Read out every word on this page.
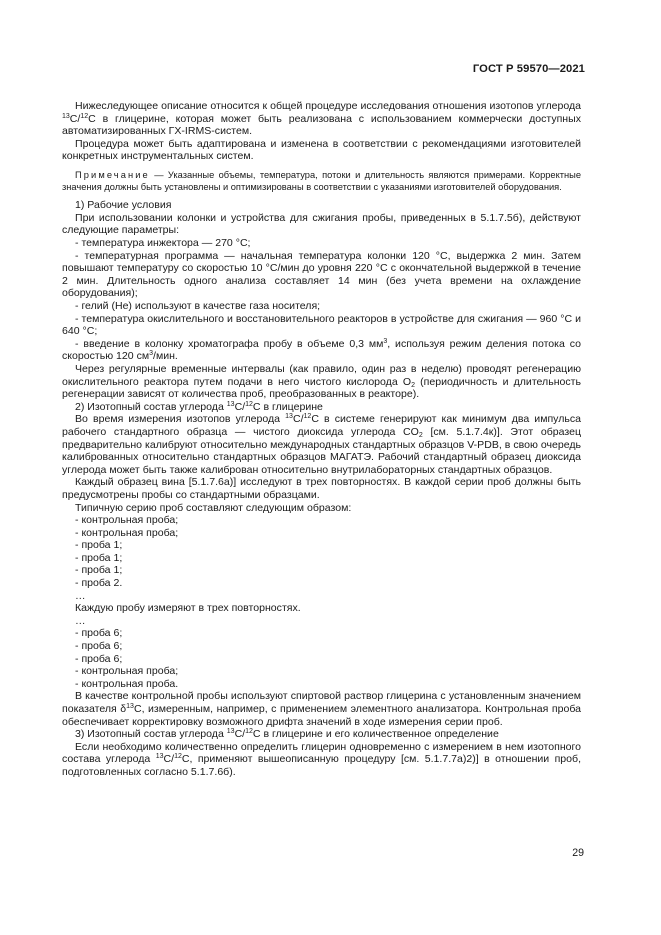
ГОСТ Р 59570—2021

Нижеследующее описание относится к общей процедуре исследования отношения изотопов углерода $^{13}$C/$^{12}$C в глицерине, которая может быть реализована с использованием коммерчески доступных автоматизированных ГХ-IRMS-систем.

Процедура может быть адаптирована и изменена в соответствии с рекомендациями изготовителей конкретных инструментальных систем.

Примечание — Указанные объемы, температура, потоки и длительность являются примерами. Корректные значения должны быть установлены и оптимизированы в соответствии с указаниями изготовителей оборудования.

1) Рабочие условия

При использовании колонки и устройства для сжигания пробы, приведенных в 5.1.7.5б), действуют следующие параметры:

- температура инжектора — 270 °С;

- температурная программа — начальная температура колонки 120 °С, выдержка 2 мин. Затем повышают температуру со скоростью 10 °С/мин до уровня 220 °С с окончательной выдержкой в течение 2 мин. Длительность одного анализа составляет 14 мин (без учета времени на охлаждение оборудования);

- гелий (Не) используют в качестве газа носителя;

- температура окислительного и восстановительного реакторов в устройстве для сжигания — 960 °С и 640 °С;

- введение в колонку хроматографа пробу в объеме 0,3 $мм^3$, используя режим деления потока со скоростью 120 $см^3$/мин.

Через регулярные временные интервалы (как правило, один раз в неделю) проводят регенерацию окислительного реактора путем подачи в него чистого кислорода $O_2$ (периодичность и длительность регенерации зависят от количества проб, преобразованных в реакторе).

2) Изотопный состав углерода $^{13}$C/$^{12}$C в глицерине

Во время измерения изотопов углерода $^{13}$C/$^{12}$C в системе генерируют как минимум два импульса рабочего стандартного образца — чистого диоксида углерода $CO_2$ [см. 5.1.7.4к)]. Этот образец предварительно калибруют относительно международных стандартных образцов V-PDB, в свою очередь калиброванных относительно стандартных образцов МАГАТЭ. Рабочий стандартный образец диоксида углерода может быть также калиброван относительно внутрилабораторных стандартных образцов.

Каждый образец вина [5.1.7.6а)] исследуют в трех повторностях. В каждой серии проб должны быть предусмотрены пробы со стандартными образцами.

Типичную серию проб составляют следующим образом:

- контрольная проба;

- контрольная проба;

- проба 1;

- проба 1;

- проба 1;

- проба 2.

…

Каждую пробу измеряют в трех повторностях.

…

- проба 6;

- проба 6;

- проба 6;

- контрольная проба;

- контрольная проба.

В качестве контрольной пробы используют спиртовой раствор глицерина с установленным значением показателя $\delta^{13}C$, измеренным, например, с применением элементного анализатора. Контрольная проба обеспечивает корректировку возможного дрифта значений в ходе измерения серии проб.

3) Изотопный состав углерода $^{13}$C/$^{12}$C в глицерине и его количественное определение

Если необходимо количественно определить глицерин одновременно с измерением в нем изотопного состава углерода $^{13}$C/$^{12}$C, применяют вышеописанную процедуру [см. 5.1.7.7а)2)] в отношении проб, подготовленных согласно 5.1.7.6б).

29
